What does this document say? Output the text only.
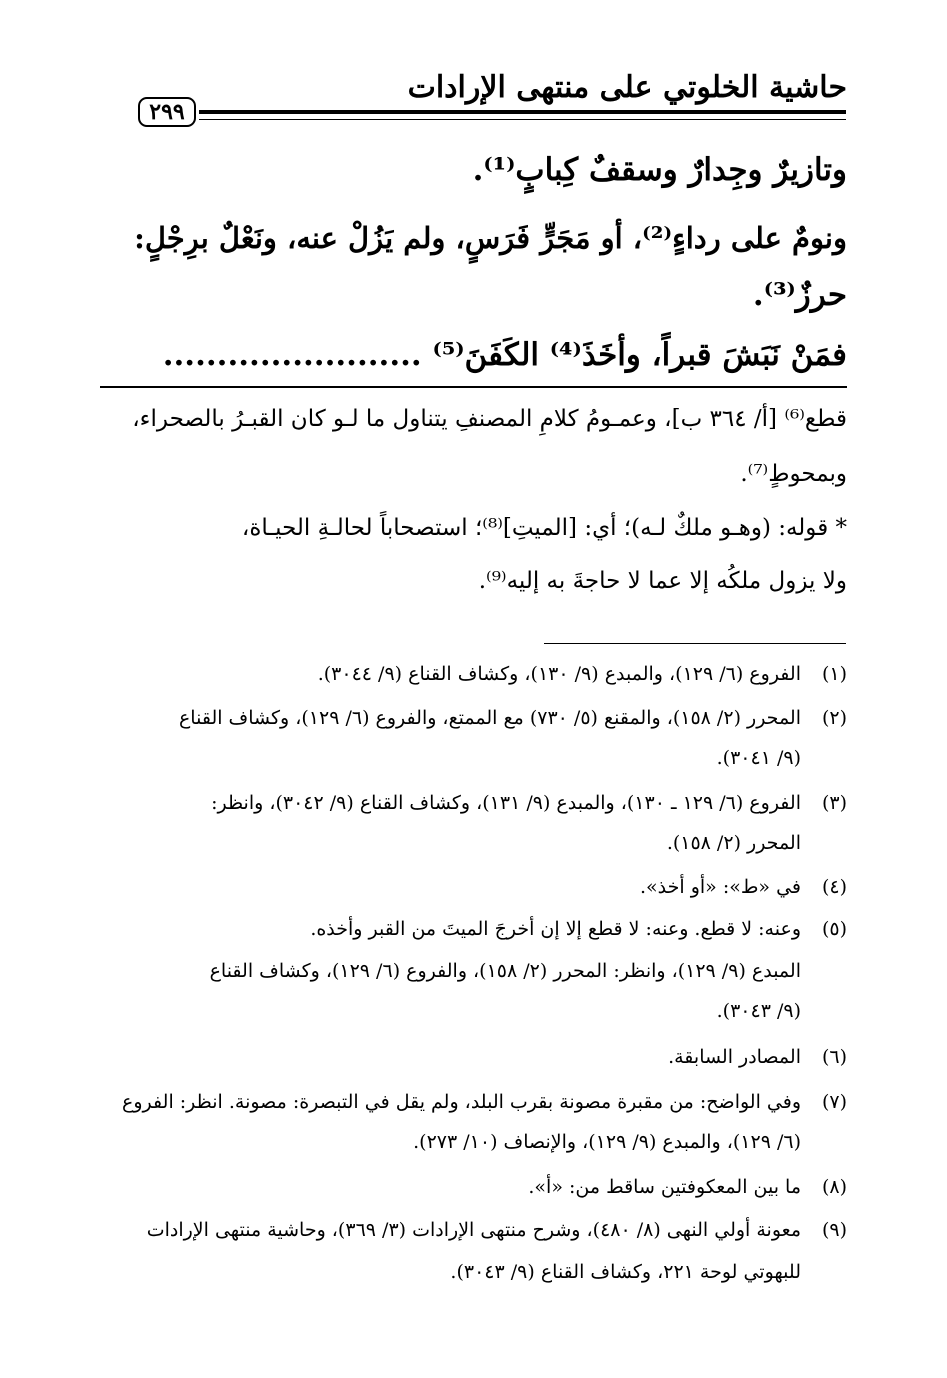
حاشية الخلوتي على منتهى الإرادات
٢٩٩
وتازيرٌ وجِدارٌ وسقفٌ كِبابٍ⁽¹⁾.
ونومٌ على رداءٍ⁽²⁾، أو مَجَرٍّ فَرَسٍ، ولم يَزُلْ عنه، ونَعْلٌ برِجْلٍ:
حرزٌ⁽³⁾.
فمَنْ نَبَشَ قبراً، وأخَذَ⁽⁴⁾ الكَفَنَ⁽⁵⁾ ........................
قطع⁽⁶⁾ [أ/ ٣٦٤ ب]، وعمـومُ كلامِ المصنفِ يتناول ما لـو كان القبـرُ بالصحراء،
وبمحوطٍ⁽⁷⁾.
* قوله: (وهـو ملكٌ لـه)؛ أي: [الميتِ]⁽⁸⁾؛ استصحاباً لحالـةِ الحيـاة،
ولا يزول ملكُه إلا عما لا حاجةَ به إليه⁽⁹⁾.
(١)الفروع (٦/ ١٢٩)، والمبدع (٩/ ١٣٠)، وكشاف القناع (٩/ ٣٠٤٤).
(٢)المحرر (٢/ ١٥٨)، والمقنع (٥/ ٧٣٠) مع الممتع، والفروع (٦/ ١٢٩)، وكشاف القناع
(٩/ ٣٠٤١).
(٣)الفروع (٦/ ١٢٩ ـ ١٣٠)، والمبدع (٩/ ١٣١)، وكشاف القناع (٩/ ٣٠٤٢)، وانظر:
المحرر (٢/ ١٥٨).
(٤)في «ط»: «أو أخذ».
(٥)وعنه: لا قطع. وعنه: لا قطع إلا إن أخرجَ الميتَ من القبر وأخذه.
المبدع (٩/ ١٢٩)، وانظر: المحرر (٢/ ١٥٨)، والفروع (٦/ ١٢٩)، وكشاف القناع
(٩/ ٣٠٤٣).
(٦)المصادر السابقة.
(٧)وفي الواضح: من مقبرة مصونة بقرب البلد، ولم يقل في التبصرة: مصونة. انظر: الفروع
(٦/ ١٢٩)، والمبدع (٩/ ١٢٩)، والإنصاف (١٠/ ٢٧٣).
(٨)ما بين المعكوفتين ساقط من: «أ».
(٩)معونة أولي النهى (٨/ ٤٨٠)، وشرح منتهى الإرادات (٣/ ٣٦٩)، وحاشية منتهى الإرادات
للبهوتي لوحة ٢٢١، وكشاف القناع (٩/ ٣٠٤٣).
